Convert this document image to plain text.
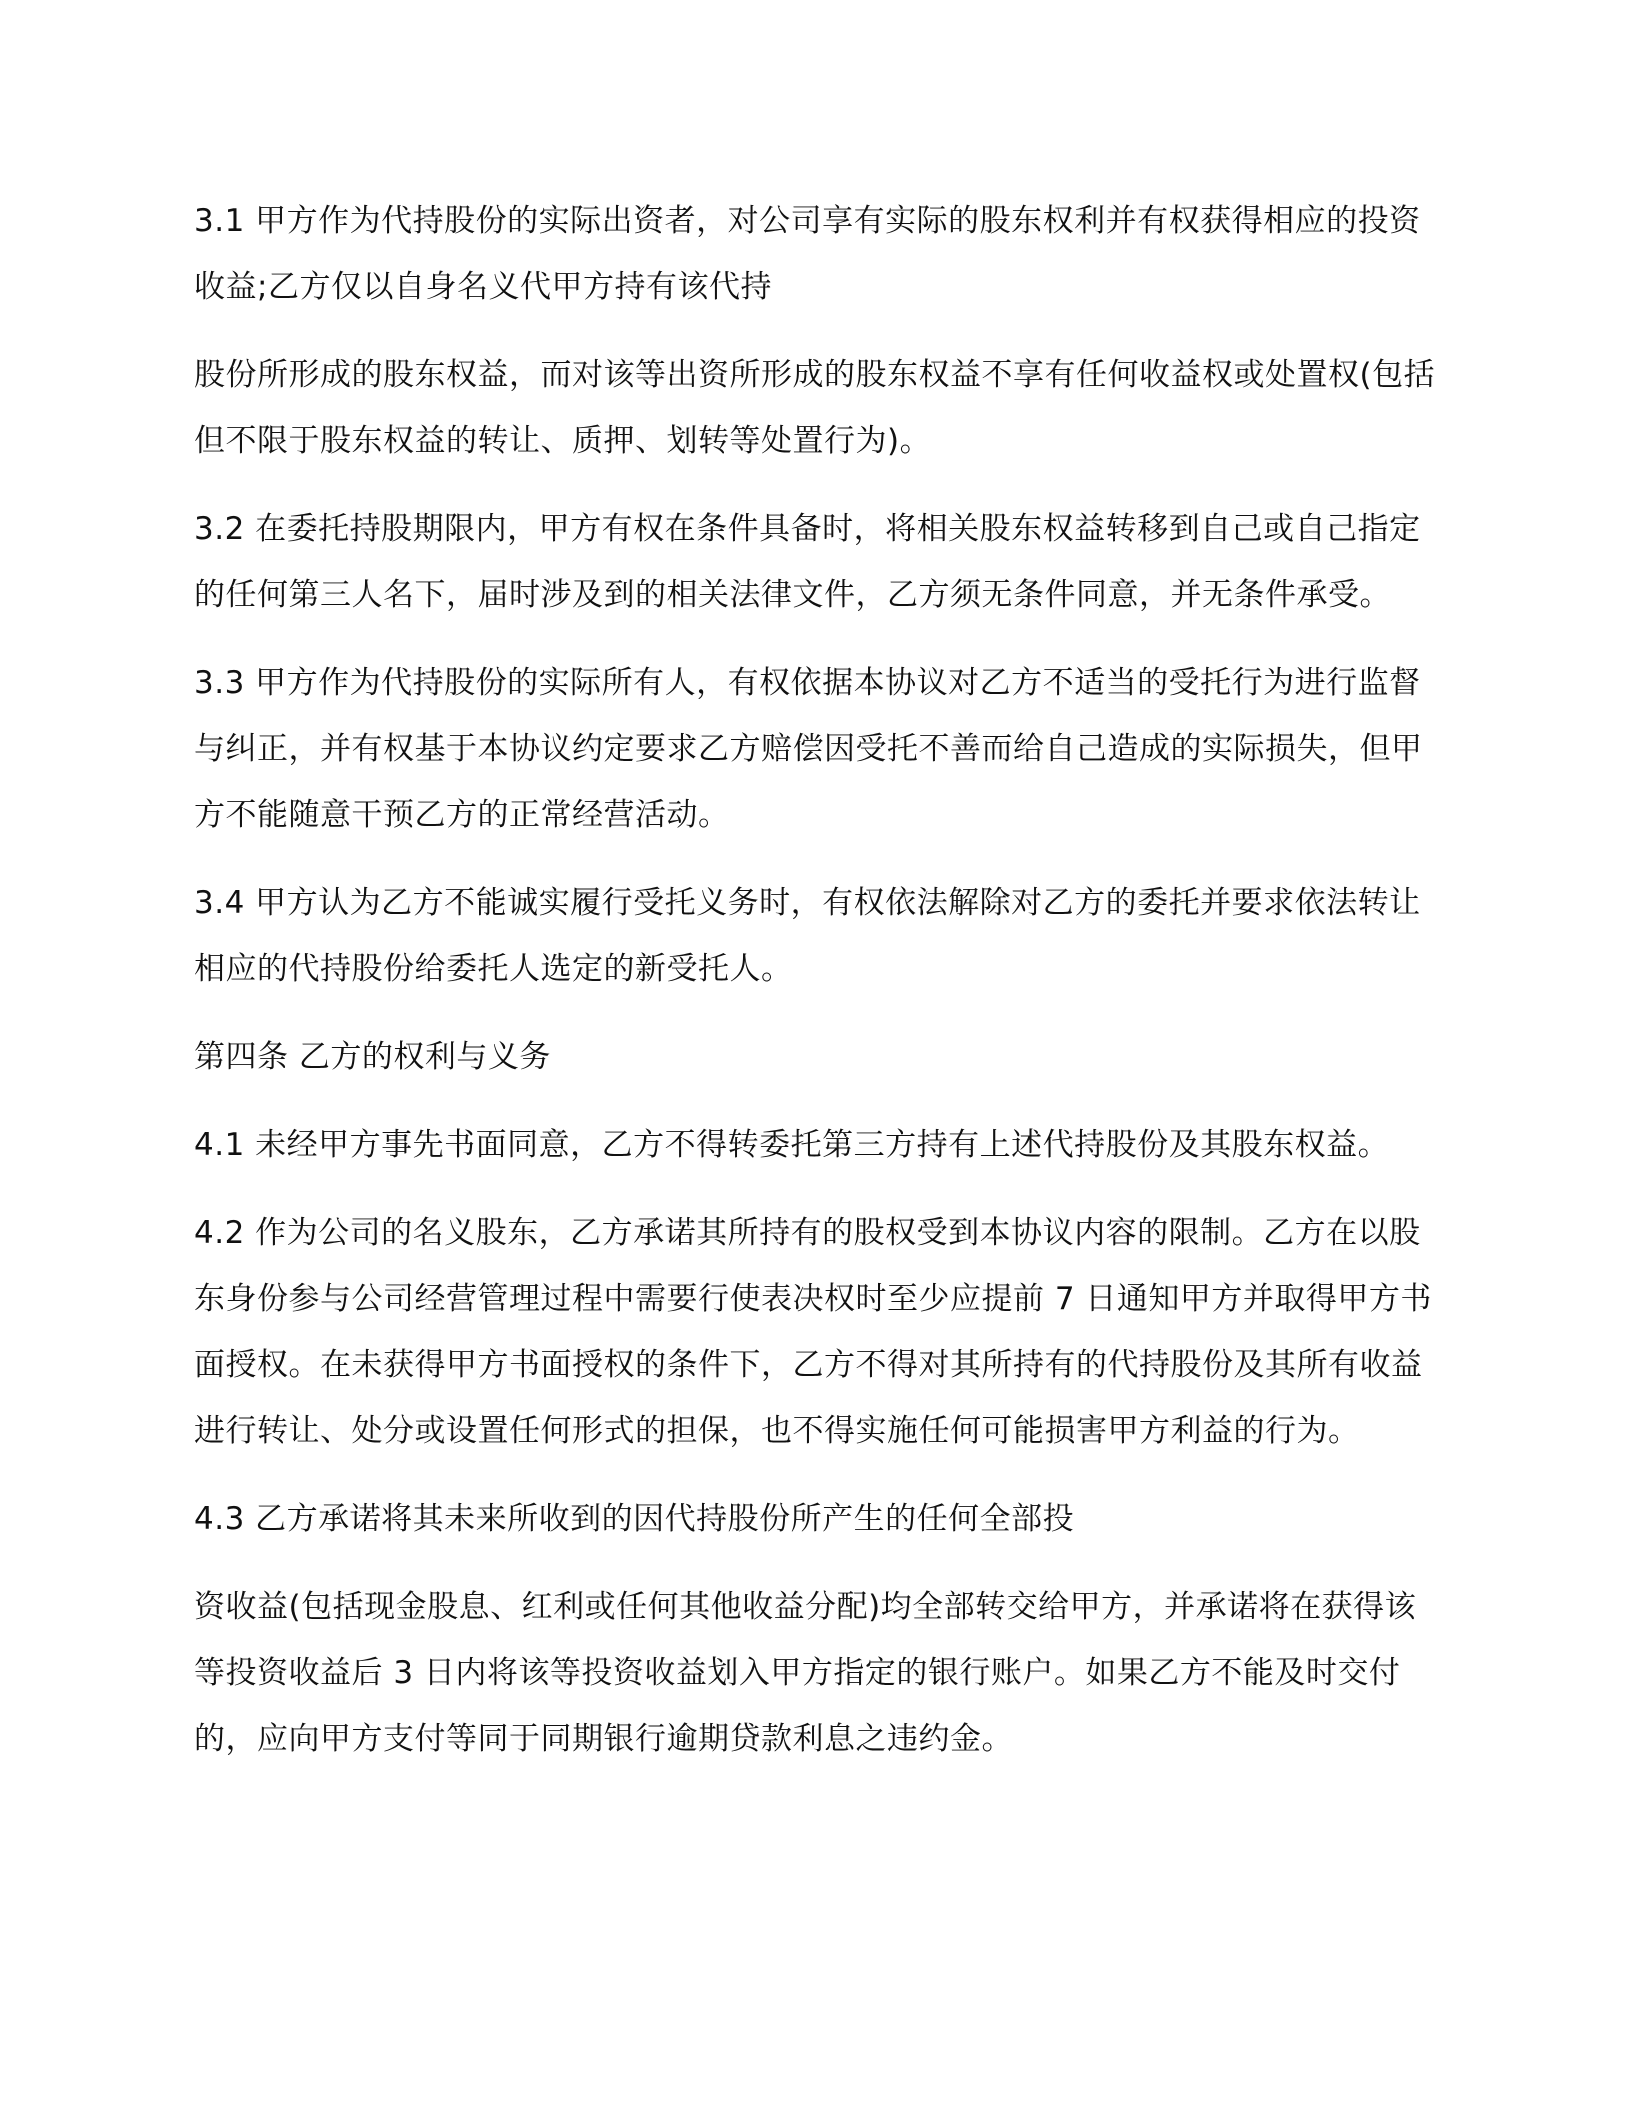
3.1 甲方作为代持股份的实际出资者，对公司享有实际的股东权利并有权获得相应的投资收益;乙方仅以自身名义代甲方持有该代持

股份所形成的股东权益，而对该等出资所形成的股东权益不享有任何收益权或处置权(包括但不限于股东权益的转让、质押、划转等处置行为)。

3.2 在委托持股期限内，甲方有权在条件具备时，将相关股东权益转移到自己或自己指定的任何第三人名下，届时涉及到的相关法律文件，乙方须无条件同意，并无条件承受。

3.3 甲方作为代持股份的实际所有人，有权依据本协议对乙方不适当的受托行为进行监督与纠正，并有权基于本协议约定要求乙方赔偿因受托不善而给自己造成的实际损失，但甲方不能随意干预乙方的正常经营活动。

3.4 甲方认为乙方不能诚实履行受托义务时，有权依法解除对乙方的委托并要求依法转让相应的代持股份给委托人选定的新受托人。

第四条 乙方的权利与义务

4.1 未经甲方事先书面同意，乙方不得转委托第三方持有上述代持股份及其股东权益。

4.2 作为公司的名义股东，乙方承诺其所持有的股权受到本协议内容的限制。乙方在以股东身份参与公司经营管理过程中需要行使表决权时至少应提前 7 日通知甲方并取得甲方书面授权。在未获得甲方书面授权的条件下，乙方不得对其所持有的代持股份及其所有收益进行转让、处分或设置任何形式的担保，也不得实施任何可能损害甲方利益的行为。

4.3 乙方承诺将其未来所收到的因代持股份所产生的任何全部投

资收益(包括现金股息、红利或任何其他收益分配)均全部转交给甲方，并承诺将在获得该等投资收益后 3 日内将该等投资收益划入甲方指定的银行账户。如果乙方不能及时交付的，应向甲方支付等同于同期银行逾期贷款利息之违约金。
